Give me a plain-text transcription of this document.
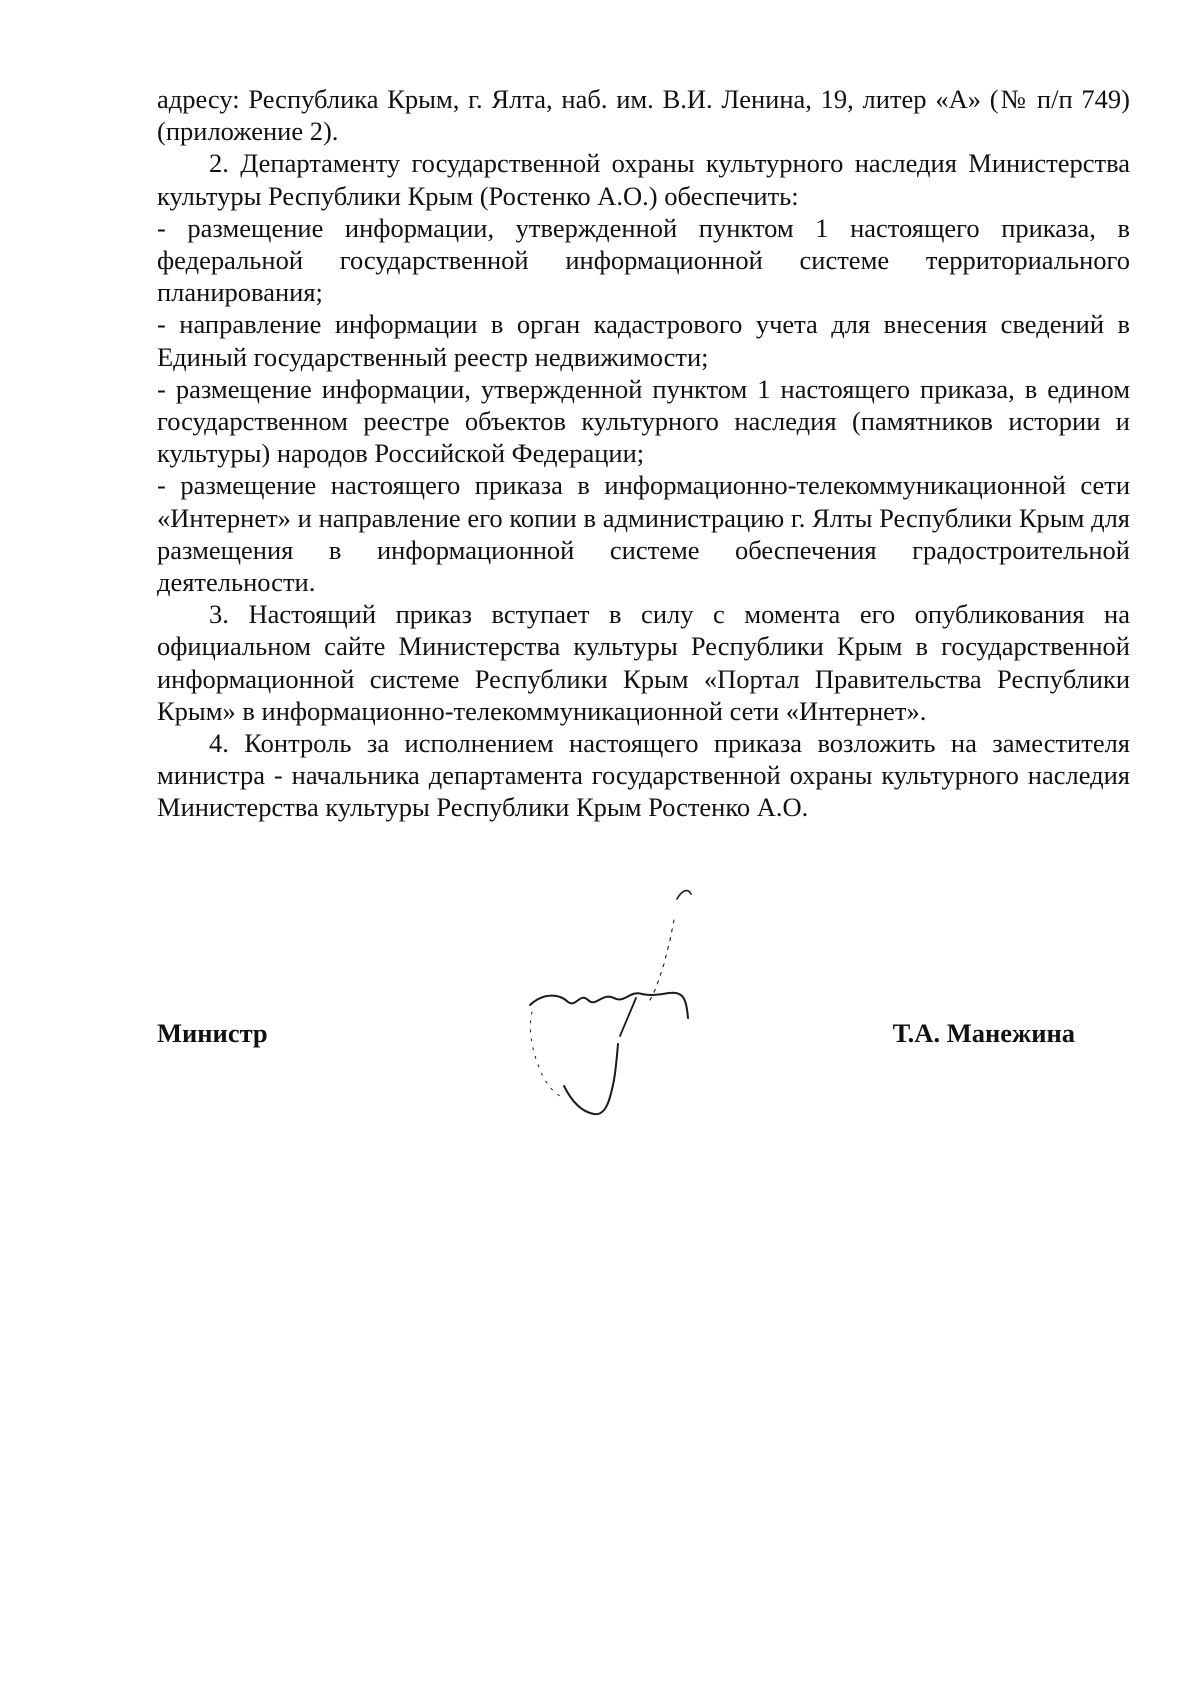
адресу: Республика Крым, г. Ялта, наб. им. В.И. Ленина, 19, литер «А» (№ п/п 749) (приложение 2).

2. Департаменту государственной охраны культурного наследия Министерства культуры Республики Крым (Ростенко А.О.) обеспечить:

- размещение информации, утвержденной пунктом 1 настоящего приказа, в федеральной государственной информационной системе территориального планирования;

- направление информации в орган кадастрового учета для внесения сведений в Единый государственный реестр недвижимости;

- размещение информации, утвержденной пунктом 1 настоящего приказа, в едином государственном реестре объектов культурного наследия (памятников истории и культуры) народов Российской Федерации;

- размещение настоящего приказа в информационно-телекоммуникационной сети «Интернет» и направление его копии в администрацию г. Ялты Республики Крым для размещения в информационной системе обеспечения градостроительной деятельности.

3. Настоящий приказ вступает в силу с момента его опубликования на официальном сайте Министерства культуры Республики Крым в государственной информационной системе Республики Крым «Портал Правительства Республики Крым» в информационно-телекоммуникационной сети «Интернет».

4. Контроль за исполнением настоящего приказа возложить на заместителя министра - начальника департамента государственной охраны культурного наследия Министерства культуры Республики Крым Ростенко А.О.

Министр	Т.А. Манежина
